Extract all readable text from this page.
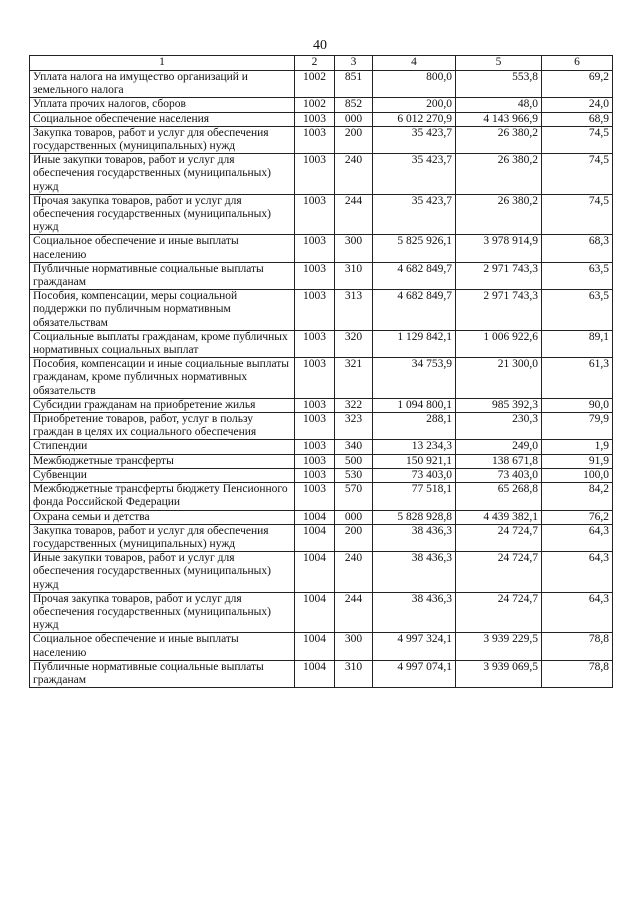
40
1	2	3	4	5	6
Уплата налога на имущество организаций и земельного налога	1002	851	800,0	553,8	69,2
Уплата прочих налогов, сборов	1002	852	200,0	48,0	24,0
Социальное обеспечение населения	1003	000	6 012 270,9	4 143 966,9	68,9
Закупка товаров, работ и услуг для обеспечения государственных (муниципальных) нужд	1003	200	35 423,7	26 380,2	74,5
Иные закупки товаров, работ и услуг для обеспечения государственных (муниципальных) нужд	1003	240	35 423,7	26 380,2	74,5
Прочая закупка товаров, работ и услуг для обеспечения государственных (муниципальных) нужд	1003	244	35 423,7	26 380,2	74,5
Социальное обеспечение и иные выплаты населению	1003	300	5 825 926,1	3 978 914,9	68,3
Публичные нормативные социальные выплаты гражданам	1003	310	4 682 849,7	2 971 743,3	63,5
Пособия, компенсации, меры социальной поддержки по публичным нормативным обязательствам	1003	313	4 682 849,7	2 971 743,3	63,5
Социальные выплаты гражданам, кроме публичных нормативных социальных выплат	1003	320	1 129 842,1	1 006 922,6	89,1
Пособия, компенсации и иные социальные выплаты гражданам, кроме публичных нормативных обязательств	1003	321	34 753,9	21 300,0	61,3
Субсидии гражданам на приобретение жилья	1003	322	1 094 800,1	985 392,3	90,0
Приобретение товаров, работ, услуг в пользу граждан в целях их социального обеспечения	1003	323	288,1	230,3	79,9
Стипендии	1003	340	13 234,3	249,0	1,9
Межбюджетные трансферты	1003	500	150 921,1	138 671,8	91,9
Субвенции	1003	530	73 403,0	73 403,0	100,0
Межбюджетные трансферты бюджету Пенсионного фонда Российской Федерации	1003	570	77 518,1	65 268,8	84,2
Охрана семьи и детства	1004	000	5 828 928,8	4 439 382,1	76,2
Закупка товаров, работ и услуг для обеспечения государственных (муниципальных) нужд	1004	200	38 436,3	24 724,7	64,3
Иные закупки товаров, работ и услуг для обеспечения государственных (муниципальных) нужд	1004	240	38 436,3	24 724,7	64,3
Прочая закупка товаров, работ и услуг для обеспечения государственных (муниципальных) нужд	1004	244	38 436,3	24 724,7	64,3
Социальное обеспечение и иные выплаты населению	1004	300	4 997 324,1	3 939 229,5	78,8
Публичные нормативные социальные выплаты гражданам	1004	310	4 997 074,1	3 939 069,5	78,8
